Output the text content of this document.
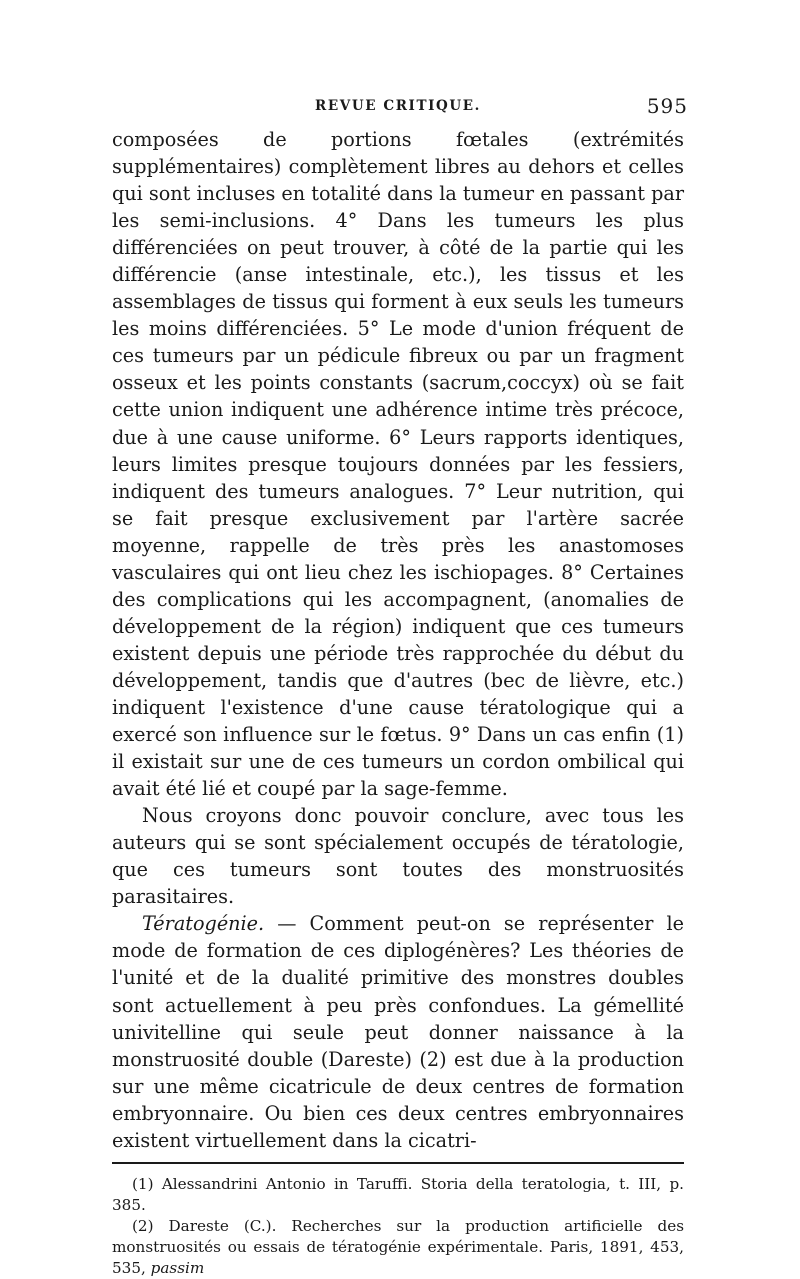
REVUE CRITIQUE.	595

composées de portions fœtales (extrémités supplémentaires) complètement libres au dehors et celles qui sont incluses en totalité dans la tumeur en passant par les semi-inclusions. 4° Dans les tumeurs les plus différenciées on peut trouver, à côté de la partie qui les différencie (anse intestinale, etc.), les tissus et les assemblages de tissus qui forment à eux seuls les tumeurs les moins différenciées. 5° Le mode d'union fréquent de ces tumeurs par un pédicule fibreux ou par un fragment osseux et les points constants (sacrum,coccyx) où se fait cette union indiquent une adhérence intime très précoce, due à une cause uniforme. 6° Leurs rapports identiques, leurs limites presque toujours données par les fessiers, indiquent des tumeurs analogues. 7° Leur nutrition, qui se fait presque exclusivement par l'artère sacrée moyenne, rappelle de très près les anastomoses vasculaires qui ont lieu chez les ischiopages. 8° Certaines des complications qui les accompagnent, (anomalies de développement de la région) indiquent que ces tumeurs existent depuis une période très rapprochée du début du développement, tandis que d'autres (bec de lièvre, etc.) indiquent l'existence d'une cause tératologique qui a exercé son influence sur le fœtus. 9° Dans un cas enfin (1) il existait sur une de ces tumeurs un cordon ombilical qui avait été lié et coupé par la sage-femme.

Nous croyons donc pouvoir conclure, avec tous les auteurs qui se sont spécialement occupés de tératologie, que ces tumeurs sont toutes des monstruosités parasitaires.

Tératogénie. — Comment peut-on se représenter le mode de formation de ces diplogénères? Les théories de l'unité et de la dualité primitive des monstres doubles sont actuellement à peu près confondues. La gémellité univitelline qui seule peut donner naissance à la monstruosité double (Dareste) (2) est due à la production sur une même cicatricule de deux centres de formation embryonnaire. Ou bien ces deux centres embryonnaires existent virtuellement dans la cicatri-

(1) Alessandrini Antonio in Taruffi. Storia della teratologia, t. III, p. 385.

(2) Dareste (C.). Recherches sur la production artificielle des monstruosités ou essais de tératogénie expérimentale. Paris, 1891, 453, 535, passim
